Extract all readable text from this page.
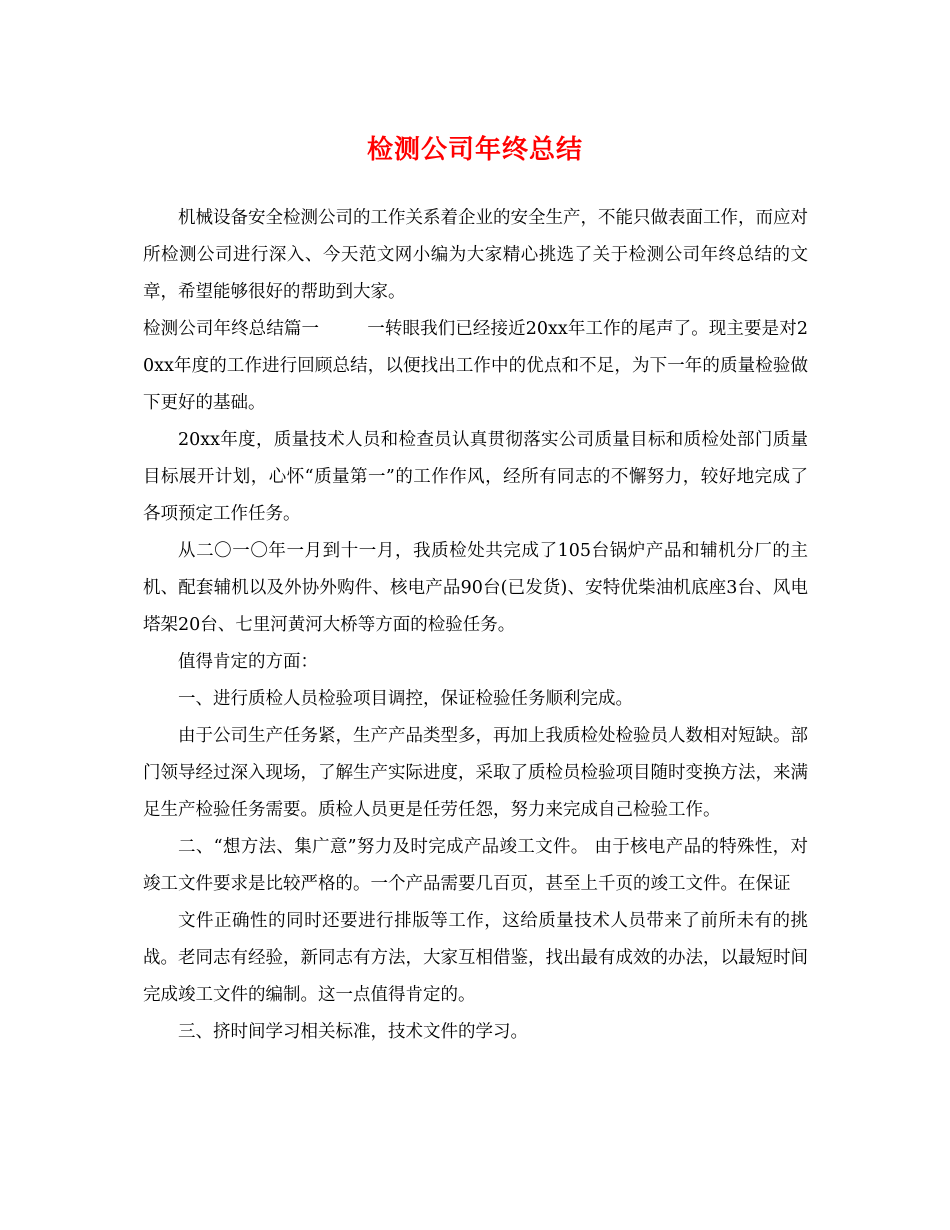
检测公司年终总结

机械设备安全检测公司的工作关系着企业的安全生产，不能只做表面工作，而应对所检测公司进行深入、今天范文网小编为大家精心挑选了关于检测公司年终总结的文章，希望能够很好的帮助到大家。

检测公司年终总结篇一	一转眼我们已经接近20xx年工作的尾声了。现主要是对20xx年度的工作进行回顾总结，以便找出工作中的优点和不足，为下一年的质量检验做下更好的基础。

20xx年度，质量技术人员和检查员认真贯彻落实公司质量目标和质检处部门质量目标展开计划，心怀“质量第一”的工作作风，经所有同志的不懈努力，较好地完成了各项预定工作任务。

从二〇一〇年一月到十一月，我质检处共完成了105台锅炉产品和辅机分厂的主机、配套辅机以及外协外购件、核电产品90台(已发货)、安特优柴油机底座3台、风电塔架20台、七里河黄河大桥等方面的检验任务。

值得肯定的方面：

一、进行质检人员检验项目调控，保证检验任务顺利完成。

由于公司生产任务紧，生产产品类型多，再加上我质检处检验员人数相对短缺。部门领导经过深入现场，了解生产实际进度，采取了质检员检验项目随时变换方法，来满足生产检验任务需要。质检人员更是任劳任怨，努力来完成自己检验工作。

二、“想方法、集广意”努力及时完成产品竣工文件。 由于核电产品的特殊性，对竣工文件要求是比较严格的。一个产品需要几百页，甚至上千页的竣工文件。在保证

文件正确性的同时还要进行排版等工作，这给质量技术人员带来了前所未有的挑战。老同志有经验，新同志有方法，大家互相借鉴，找出最有成效的办法，以最短时间完成竣工文件的编制。这一点值得肯定的。

三、挤时间学习相关标准，技术文件的学习。
